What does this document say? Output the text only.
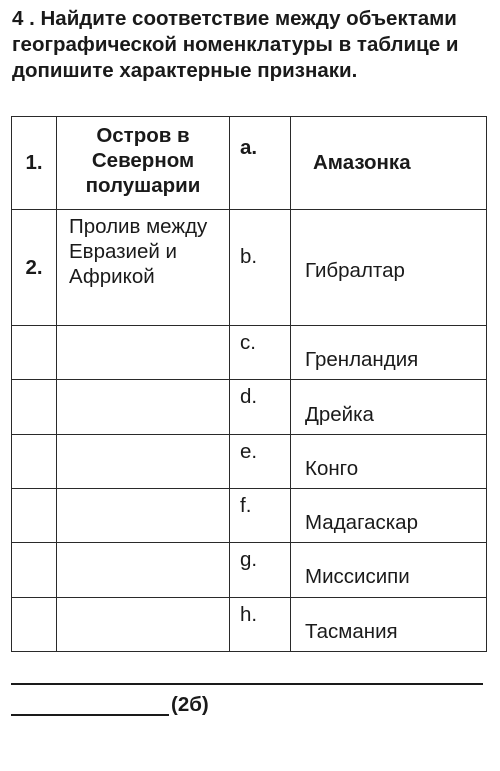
4 . Найдите соответствие между объектами географической номенклатуры в таблице и допишите характерные признаки.
1.	Остров в Северном полушарии	a.	Амазонка
2.	Пролив между Евразией и Африкой	b.	Гибралтар
		c.	Гренландия
		d.	Дрейка
		e.	Конго
		f.	Мадагаскар
		g.	Миссисипи
		h.	Тасмания
(2б)
